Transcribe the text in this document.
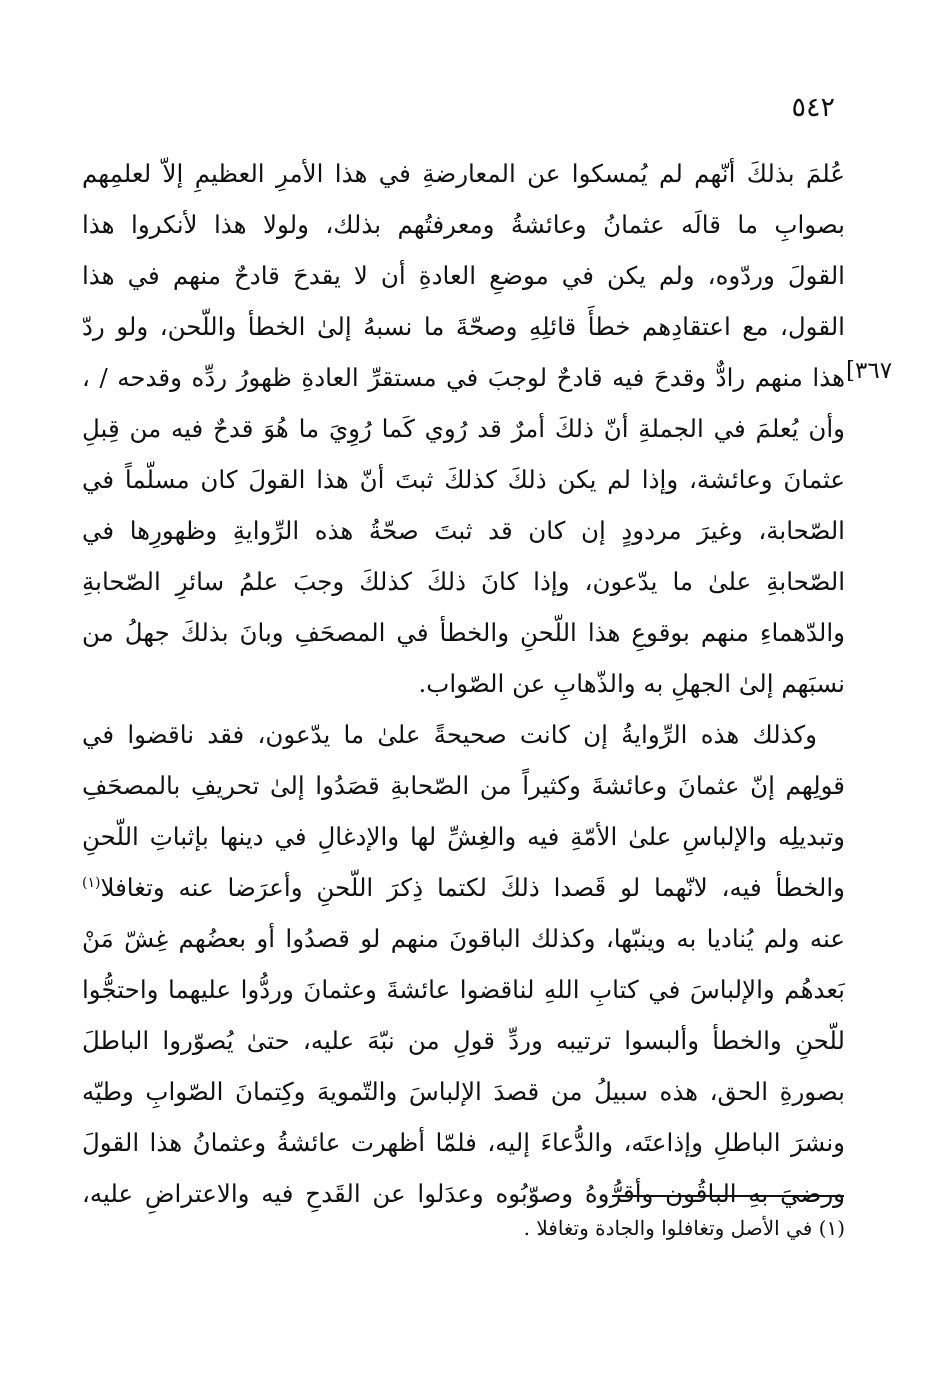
٥٤٢
[٣٦٧
عُلمَ بذلكَ أنّهم لم يُمسكوا عن المعارضةِ في هذا الأمرِ العظيمِ إلاّ لعلمِهم
بصوابِ ما قالَه عثمانُ وعائشةُ ومعرفتُهم بذلك، ولولا هذا لأنكروا هذا
القولَ وردّوه، ولم يكن في موضعِ العادةِ أن لا يقدحَ قادحٌ منهم في هذا
القول، مع اعتقادِهم خطأَ قائلِهِ وصحّةَ ما نسبهُ إلىٰ الخطأ واللّحن، ولو ردّ
هذا منهم رادٌّ وقدحَ فيه قادحٌ لوجبَ في مستقرِّ العادةِ ظهورُ ردِّه وقدحه / ،
وأن يُعلمَ في الجملةِ أنّ ذلكَ أمرٌ قد رُوي كَما رُوِيَ ما هُوَ قدحٌ فيه من قِبلِ
عثمانَ وعائشة، وإذا لم يكن ذلكَ كذلكَ ثبتَ أنّ هذا القولَ كان مسلّماً في
الصّحابة، وغيرَ مردودٍ إن كان قد ثبتَ صحّةُ هذه الرِّوايةِ وظهورِها في
الصّحابةِ علىٰ ما يدّعون، وإذا كانَ ذلكَ كذلكَ وجبَ علمُ سائرِ الصّحابةِ
والدّهماءِ منهم بوقوعِ هذا اللّحنِ والخطأ في المصحَفِ وبانَ بذلكَ جهلُ من
نسبَهم إلىٰ الجهلِ به والذّهابِ عن الصّواب.
وكذلك هذه الرِّوايةُ إن كانت صحيحةً علىٰ ما يدّعون، فقد ناقضوا في
قولِهم إنّ عثمانَ وعائشةَ وكثيراً من الصّحابةِ قصَدُوا إلىٰ تحريفِ بالمصحَفِ
وتبديلِه والإلباسِ علىٰ الأمّةِ فيه والغِشِّ لها والإدغالِ في دينها بإثباتِ اللّحنِ
والخطأ فيه، لانّهما لو قَصدا ذلكَ لكتما ذِكرَ اللّحنِ وأعرَضا عنه وتغافلا$^{(١)}$
عنه ولم يُناديا به وينبّها، وكذلك الباقونَ منهم لو قصدُوا أو بعضُهم غِشّ مَنْ
بَعدهُم والإلباسَ في كتابِ اللهِ لناقضوا عائشةَ وعثمانَ وردُّوا عليهما واحتجُّوا
للّحنِ والخطأ وألبسوا ترتيبه وردِّ قولِ من نبّهَ عليه، حتىٰ يُصوّروا الباطلَ
بصورةِ الحق، هذه سبيلُ من قصدَ الإلباسَ والتّمويهَ وكِتمانَ الصّوابِ وطيّه
ونشرَ الباطلِ وإذاعتَه، والدُّعاءَ إليه، فلمّا أظهرت عائشةُ وعثمانُ هذا القولَ
ورضيَ بهِ الباقُون وأقرُّوهُ وصوّبُوه وعدَلوا عن القَدحِ فيه والاعتراضِ عليه،
(١) في الأصل وتغافلوا والجادة وتغافلا .
